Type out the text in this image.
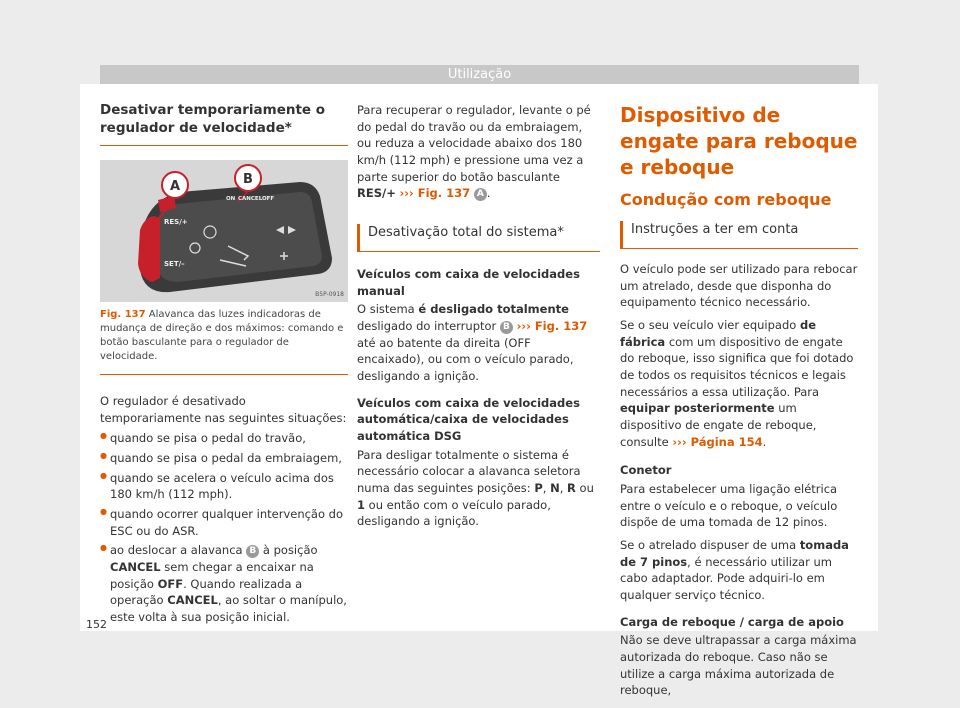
Utilização
Desativar temporariamente o regulador de velocidade*
A	B
ON CANCEL OFF
RES/+
SET/–
B5P-0918
Fig. 137 Alavanca das luzes indicadoras de mudança de direção e dos máximos: comando e botão basculante para o regulador de velocidade.

O regulador é desativado temporariamente nas seguintes situações:

● quando se pisa o pedal do travão,
● quando se pisa o pedal da embraiagem,
● quando se acelera o veículo acima dos 180 km/h (112 mph).
● quando ocorrer qualquer intervenção do ESC ou do ASR.
● ao deslocar a alavanca B à posição CANCEL sem chegar a encaixar na posição OFF. Quando realizada a operação CANCEL, ao soltar o manípulo, este volta à sua posição inicial.

Para recuperar o regulador, levante o pé do pedal do travão ou da embraiagem, ou reduza a velocidade abaixo dos 180 km/h (112 mph) e pressione uma vez a parte superior do botão basculante RES/+ ››› Fig. 137 A .

Desativação total do sistema*

Veículos com caixa de velocidades manual

O sistema é desligado totalmente desligado do interruptor B ››› Fig. 137 até ao batente da direita (OFF encaixado), ou com o veículo parado, desligando a ignição.

Veículos com caixa de velocidades automática/caixa de velocidades automática DSG

Para desligar totalmente o sistema é necessário colocar a alavanca seletora numa das seguintes posições: P, N, R ou 1 ou então com o veículo parado, desligando a ignição.

Dispositivo de engate para reboque e reboque
Condução com reboque
Instruções a ter em conta

O veículo pode ser utilizado para rebocar um atrelado, desde que disponha do equipamento técnico necessário.

Se o seu veículo vier equipado de fábrica com um dispositivo de engate do reboque, isso significa que foi dotado de todos os requisitos técnicos e legais necessários a essa utilização. Para equipar posteriormente um dispositivo de engate de reboque, consulte ››› Página 154.

Conetor

Para estabelecer uma ligação elétrica entre o veículo e o reboque, o veículo dispõe de uma tomada de 12 pinos.

Se o atrelado dispuser de uma tomada de 7 pinos, é necessário utilizar um cabo adaptador. Pode adquiri-lo em qualquer serviço técnico.

Carga de reboque / carga de apoio

Não se deve ultrapassar a carga máxima autorizada do reboque. Caso não se utilize a carga máxima autorizada de reboque,

152
